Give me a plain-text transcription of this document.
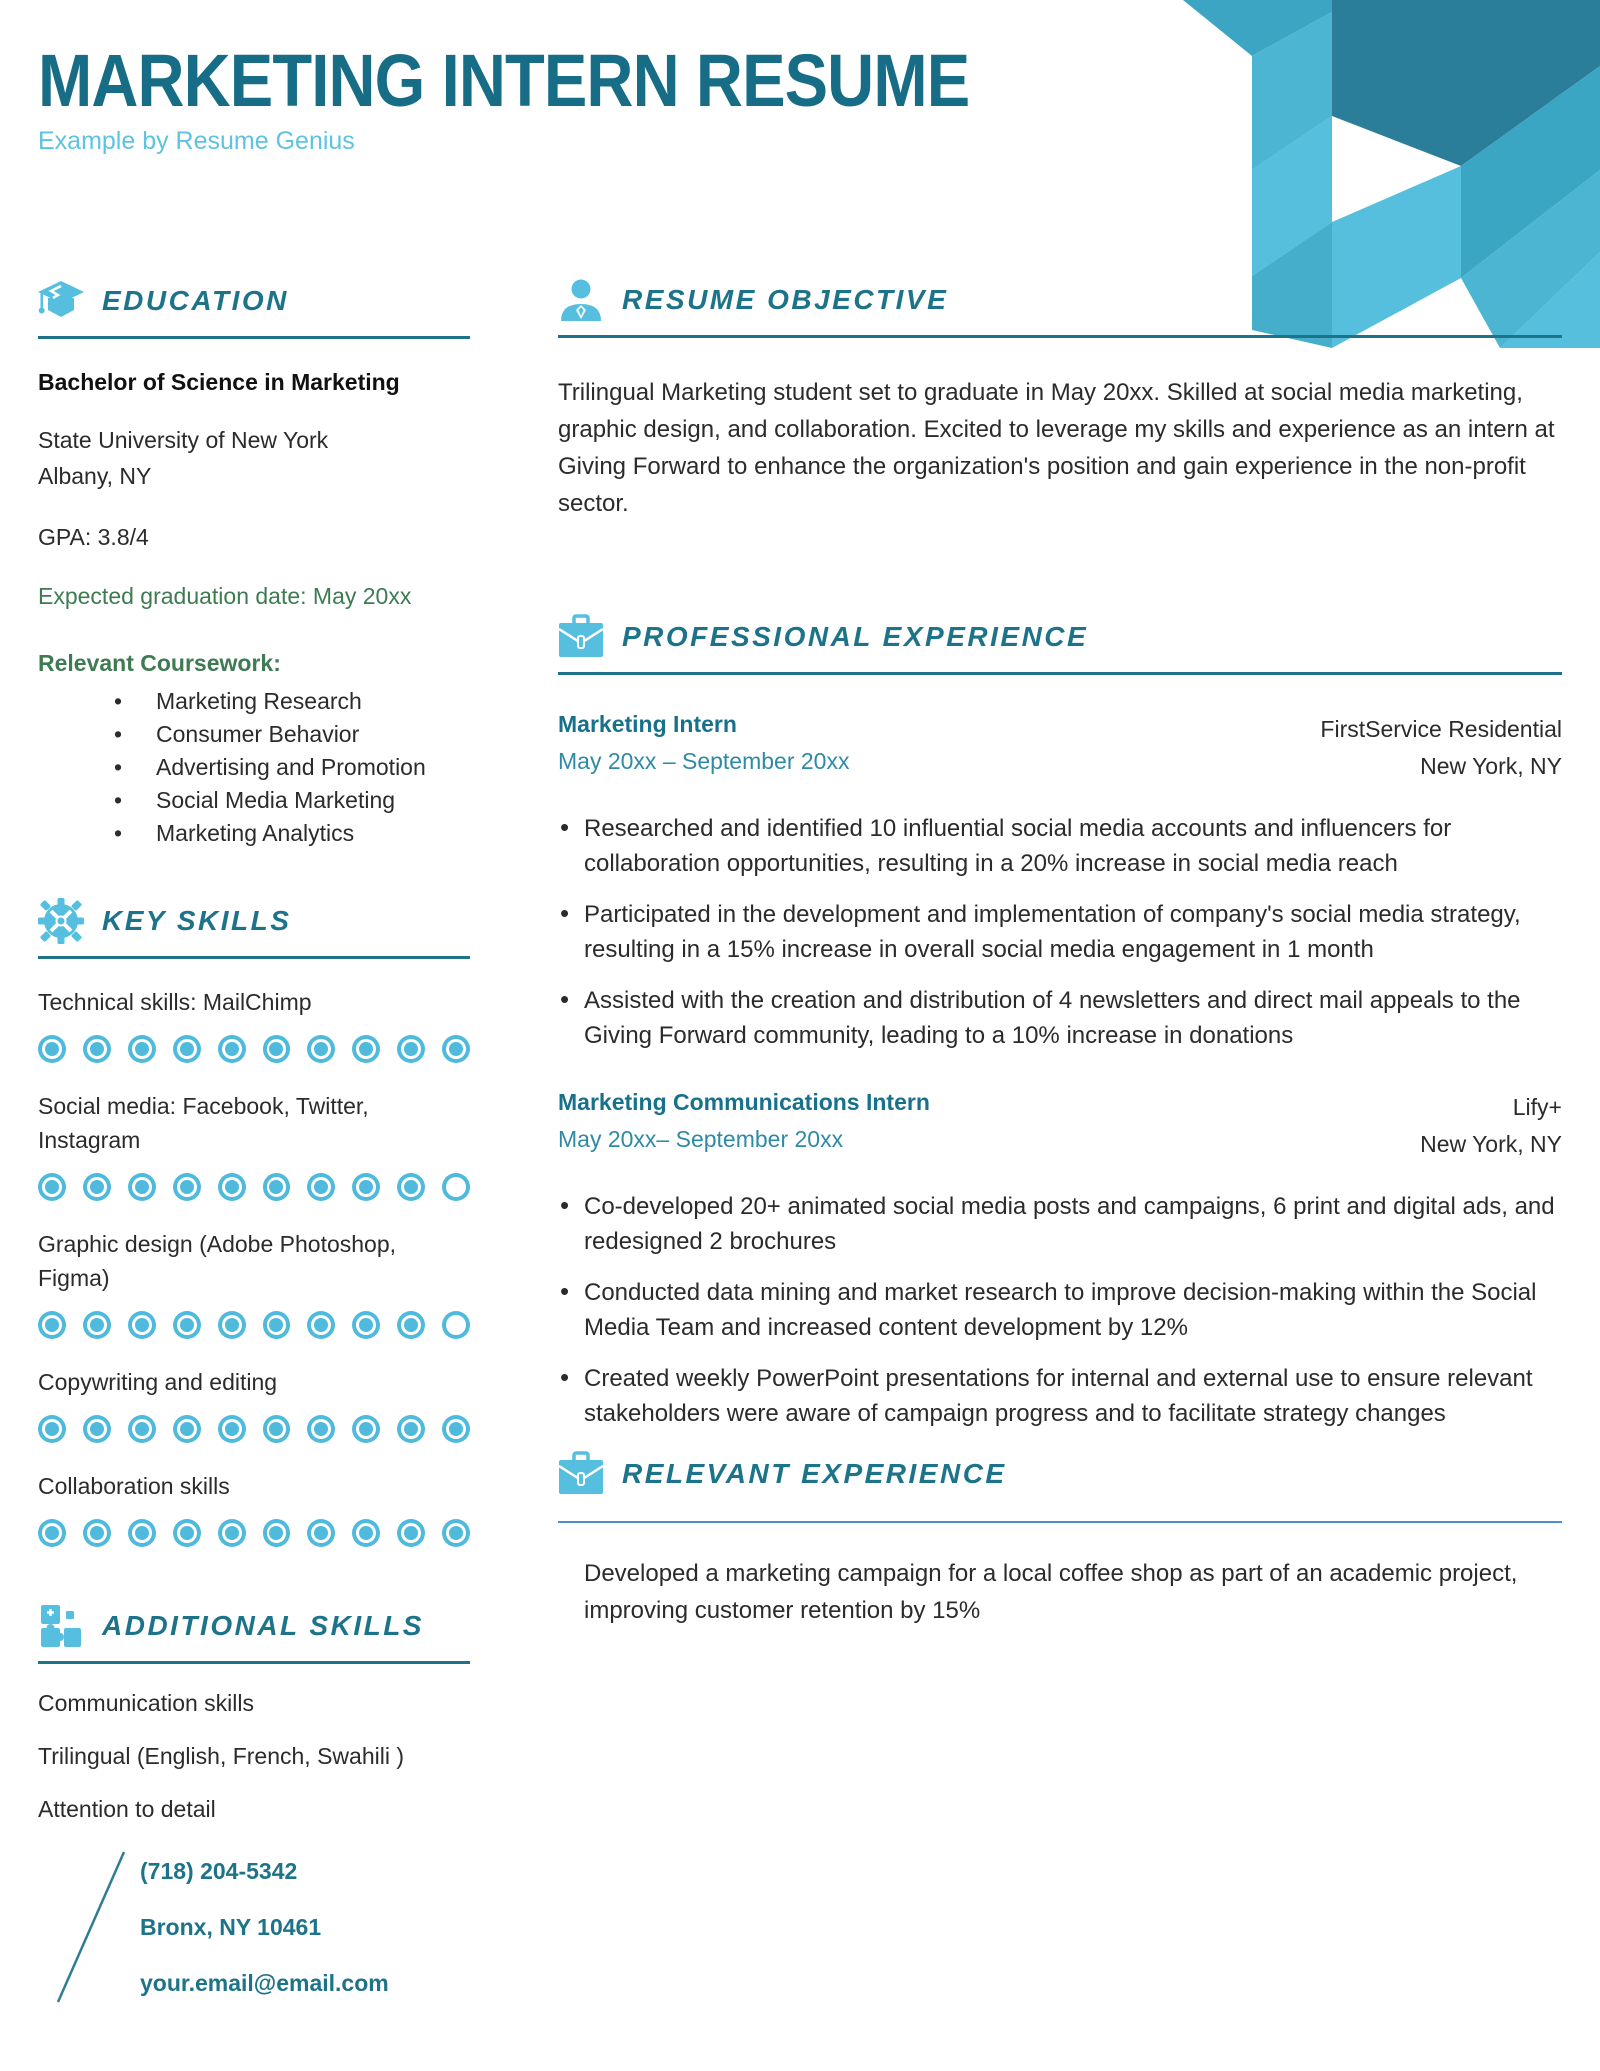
MARKETING INTERN RESUME
Example by Resume Genius
EDUCATION
Bachelor of Science in Marketing
State University of New York
Albany, NY
GPA: 3.8/4
Expected graduation date: May 20xx
Relevant Coursework:
• Marketing Research
• Consumer Behavior
• Advertising and Promotion
• Social Media Marketing
• Marketing Analytics
KEY SKILLS
Technical skills: MailChimp
Social media: Facebook, Twitter, Instagram
Graphic design (Adobe Photoshop, Figma)
Copywriting and editing
Collaboration skills
ADDITIONAL SKILLS
Communication skills
Trilingual (English, French, Swahili )
Attention to detail
(718) 204-5342
Bronx, NY 10461
your.email@email.com
RESUME OBJECTIVE
Trilingual Marketing student set to graduate in May 20xx. Skilled at social media marketing, graphic design, and collaboration. Excited to leverage my skills and experience as an intern at Giving Forward to enhance the organization's position and gain experience in the non-profit sector.
PROFESSIONAL EXPERIENCE
Marketing Intern
May 20xx – September 20xx
FirstService Residential
New York, NY
• Researched and identified 10 influential social media accounts and influencers for collaboration opportunities, resulting in a 20% increase in social media reach
• Participated in the development and implementation of company's social media strategy, resulting in a 15% increase in overall social media engagement in 1 month
• Assisted with the creation and distribution of 4 newsletters and direct mail appeals to the Giving Forward community, leading to a 10% increase in donations
Marketing Communications Intern
May 20xx– September 20xx
Lify+
New York, NY
• Co-developed 20+ animated social media posts and campaigns, 6 print and digital ads, and redesigned 2 brochures
• Conducted data mining and market research to improve decision-making within the Social Media Team and increased content development by 12%
• Created weekly PowerPoint presentations for internal and external use to ensure relevant stakeholders were aware of campaign progress and to facilitate strategy changes
RELEVANT EXPERIENCE
Developed a marketing campaign for a local coffee shop as part of an academic project, improving customer retention by 15%
